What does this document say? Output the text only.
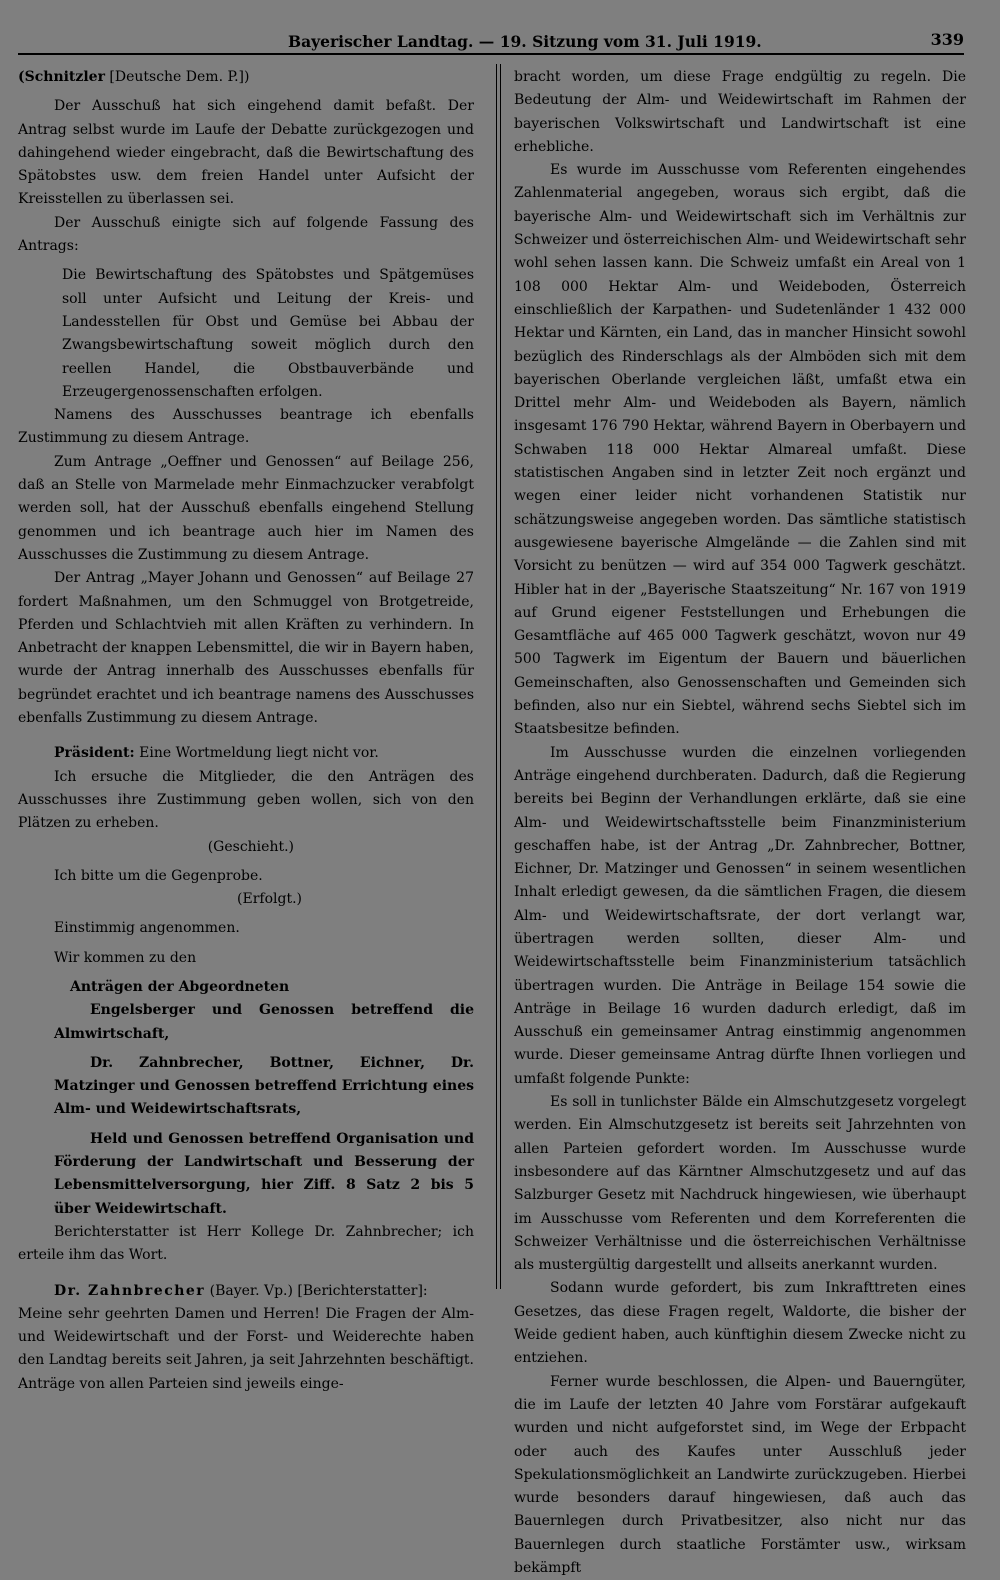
Bayerischer Landtag. — 19. Sitzung vom 31. Juli 1919.	339

(Schnitzler [Deutsche Dem. P.])

Der Ausschuß hat sich eingehend damit befaßt. Der Antrag selbst wurde im Laufe der Debatte zurückgezogen und dahingehend wieder eingebracht, daß die Bewirtschaftung des Spätobstes usw. dem freien Handel unter Aufsicht der Kreisstellen zu überlassen sei.

Der Ausschuß einigte sich auf folgende Fassung des Antrags:

Die Bewirtschaftung des Spätobstes und Spätgemüses soll unter Aufsicht und Leitung der Kreis- und Landesstellen für Obst und Gemüse bei Abbau der Zwangsbewirtschaftung soweit möglich durch den reellen Handel, die Obstbauverbände und Erzeugergenossenschaften erfolgen.

Namens des Ausschusses beantrage ich ebenfalls Zustimmung zu diesem Antrage.

Zum Antrage „Oeffner und Genossen“ auf Beilage 256, daß an Stelle von Marmelade mehr Einmachzucker verabfolgt werden soll, hat der Ausschuß ebenfalls eingehend Stellung genommen und ich beantrage auch hier im Namen des Ausschusses die Zustimmung zu diesem Antrage.

Der Antrag „Mayer Johann und Genossen“ auf Beilage 27 fordert Maßnahmen, um den Schmuggel von Brotgetreide, Pferden und Schlachtvieh mit allen Kräften zu verhindern. In Anbetracht der knappen Lebensmittel, die wir in Bayern haben, wurde der Antrag innerhalb des Ausschusses ebenfalls für begründet erachtet und ich beantrage namens des Ausschusses ebenfalls Zustimmung zu diesem Antrage.

Präsident: Eine Wortmeldung liegt nicht vor.

Ich ersuche die Mitglieder, die den Anträgen des Ausschusses ihre Zustimmung geben wollen, sich von den Plätzen zu erheben.

(Geschieht.)

Ich bitte um die Gegenprobe.

(Erfolgt.)

Einstimmig angenommen.

Wir kommen zu den

Anträgen der Abgeordneten

Engelsberger und Genossen betreffend die Almwirtschaft,

Dr. Zahnbrecher, Bottner, Eichner, Dr. Matzinger und Genossen betreffend Errichtung eines Alm- und Weidewirtschaftsrats,

Held und Genossen betreffend Organisation und Förderung der Landwirtschaft und Besserung der Lebensmittelversorgung, hier Ziff. 8 Satz 2 bis 5 über Weidewirtschaft.

Berichterstatter ist Herr Kollege Dr. Zahnbrecher; ich erteile ihm das Wort.

Dr. Zahnbrecher (Bayer. Vp.) [Berichterstatter]:

Meine sehr geehrten Damen und Herren! Die Fragen der Alm- und Weidewirtschaft und der Forst- und Weiderechte haben den Landtag bereits seit Jahren, ja seit Jahrzehnten beschäftigt. Anträge von allen Parteien sind jeweils einge-

bracht worden, um diese Frage endgültig zu regeln. Die Bedeutung der Alm- und Weidewirtschaft im Rahmen der bayerischen Volkswirtschaft und Landwirtschaft ist eine erhebliche.

Es wurde im Ausschusse vom Referenten eingehendes Zahlenmaterial angegeben, woraus sich ergibt, daß die bayerische Alm- und Weidewirtschaft sich im Verhältnis zur Schweizer und österreichischen Alm- und Weidewirtschaft sehr wohl sehen lassen kann. Die Schweiz umfaßt ein Areal von 1 108 000 Hektar Alm- und Weideboden, Österreich einschließlich der Karpathen- und Sudetenländer 1 432 000 Hektar und Kärnten, ein Land, das in mancher Hinsicht sowohl bezüglich des Rinderschlags als der Almböden sich mit dem bayerischen Oberlande vergleichen läßt, umfaßt etwa ein Drittel mehr Alm- und Weideboden als Bayern, nämlich insgesamt 176 790 Hektar, während Bayern in Oberbayern und Schwaben 118 000 Hektar Almareal umfaßt. Diese statistischen Angaben sind in letzter Zeit noch ergänzt und wegen einer leider nicht vorhandenen Statistik nur schätzungsweise angegeben worden. Das sämtliche statistisch ausgewiesene bayerische Almgelände — die Zahlen sind mit Vorsicht zu benützen — wird auf 354 000 Tagwerk geschätzt. Hibler hat in der „Bayerische Staatszeitung“ Nr. 167 von 1919 auf Grund eigener Feststellungen und Erhebungen die Gesamtfläche auf 465 000 Tagwerk geschätzt, wovon nur 49 500 Tagwerk im Eigentum der Bauern und bäuerlichen Gemeinschaften, also Genossenschaften und Gemeinden sich befinden, also nur ein Siebtel, während sechs Siebtel sich im Staatsbesitze befinden.

Im Ausschusse wurden die einzelnen vorliegenden Anträge eingehend durchberaten. Dadurch, daß die Regierung bereits bei Beginn der Verhandlungen erklärte, daß sie eine Alm- und Weidewirtschaftsstelle beim Finanzministerium geschaffen habe, ist der Antrag „Dr. Zahnbrecher, Bottner, Eichner, Dr. Matzinger und Genossen“ in seinem wesentlichen Inhalt erledigt gewesen, da die sämtlichen Fragen, die diesem Alm- und Weidewirtschaftsrate, der dort verlangt war, übertragen werden sollten, dieser Alm- und Weidewirtschaftsstelle beim Finanzministerium tatsächlich übertragen wurden. Die Anträge in Beilage 154 sowie die Anträge in Beilage 16 wurden dadurch erledigt, daß im Ausschuß ein gemeinsamer Antrag einstimmig angenommen wurde. Dieser gemeinsame Antrag dürfte Ihnen vorliegen und umfaßt folgende Punkte:

Es soll in tunlichster Bälde ein Almschutzgesetz vorgelegt werden. Ein Almschutzgesetz ist bereits seit Jahrzehnten von allen Parteien gefordert worden. Im Ausschusse wurde insbesondere auf das Kärntner Almschutzgesetz und auf das Salzburger Gesetz mit Nachdruck hingewiesen, wie überhaupt im Ausschusse vom Referenten und dem Korreferenten die Schweizer Verhältnisse und die österreichischen Verhältnisse als mustergültig dargestellt und allseits anerkannt wurden.

Sodann wurde gefordert, bis zum Inkrafttreten eines Gesetzes, das diese Fragen regelt, Waldorte, die bisher der Weide gedient haben, auch künftighin diesem Zwecke nicht zu entziehen.

Ferner wurde beschlossen, die Alpen- und Bauerngüter, die im Laufe der letzten 40 Jahre vom Forstärar aufgekauft wurden und nicht aufgeforstet sind, im Wege der Erbpacht oder auch des Kaufes unter Ausschluß jeder Spekulationsmöglichkeit an Landwirte zurückzugeben. Hierbei wurde besonders darauf hingewiesen, daß auch das Bauernlegen durch Privatbesitzer, also nicht nur das Bauernlegen durch staatliche Forstämter usw., wirksam bekämpft
